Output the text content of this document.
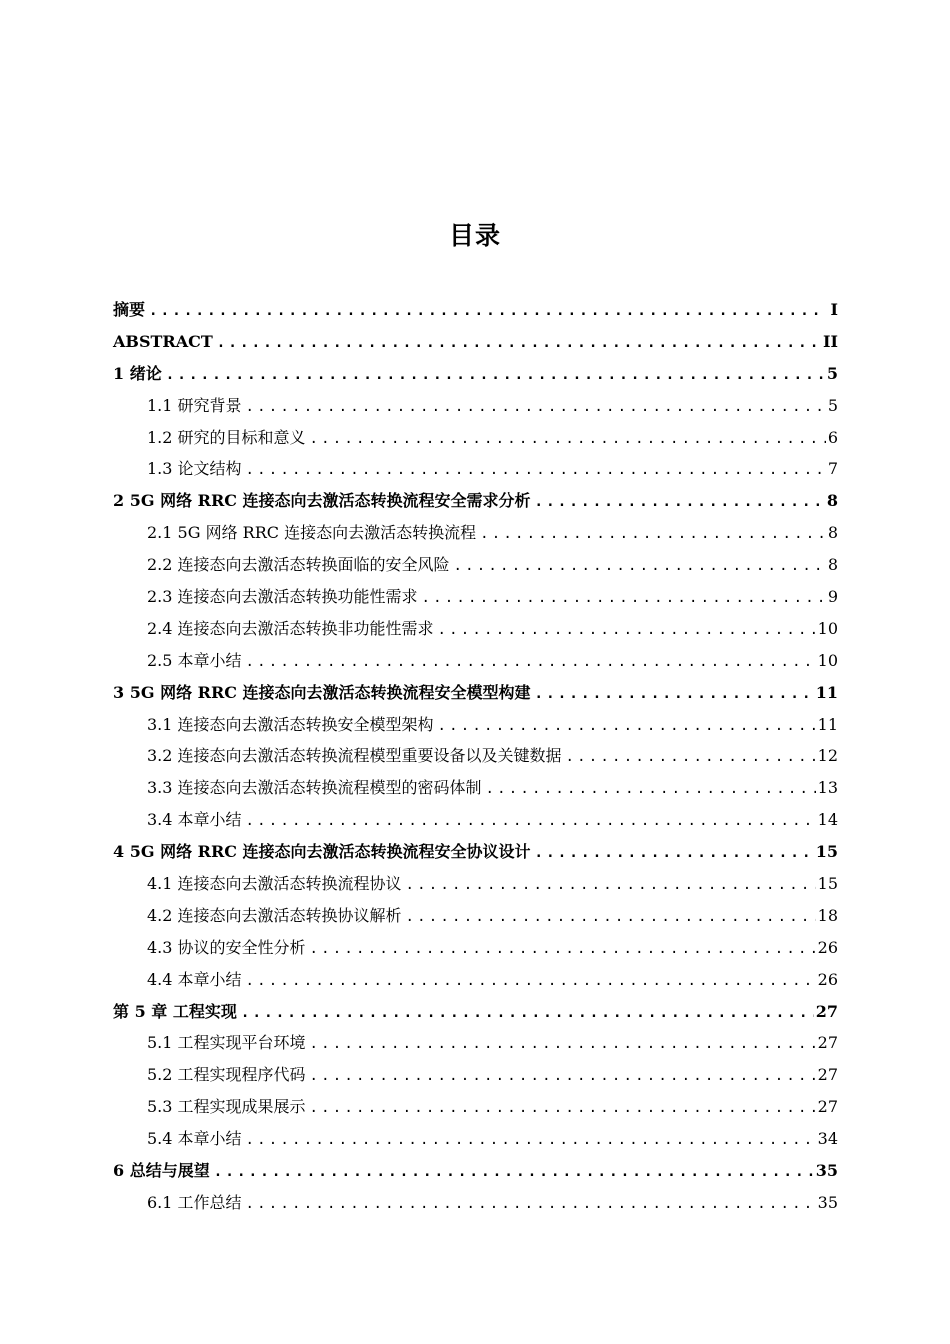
目录
摘要 .....	I
ABSTRACT .....	II
1 绪论 .....	5
1.1 研究背景 .....	5
1.2 研究的目标和意义 .....	6
1.3 论文结构 .....	7
2 5G 网络 RRC 连接态向去激活态转换流程安全需求分析 .....	8
2.1 5G 网络 RRC 连接态向去激活态转换流程 .....	8
2.2 连接态向去激活态转换面临的安全风险 .....	8
2.3 连接态向去激活态转换功能性需求 .....	9
2.4 连接态向去激活态转换非功能性需求 .....	10
2.5 本章小结 .....	10
3 5G 网络 RRC 连接态向去激活态转换流程安全模型构建 .....	11
3.1 连接态向去激活态转换安全模型架构 .....	11
3.2 连接态向去激活态转换流程模型重要设备以及关键数据 .....	12
3.3 连接态向去激活态转换流程模型的密码体制 .....	13
3.4 本章小结 .....	14
4 5G 网络 RRC 连接态向去激活态转换流程安全协议设计 .....	15
4.1 连接态向去激活态转换流程协议 .....	15
4.2 连接态向去激活态转换协议解析 .....	18
4.3 协议的安全性分析 .....	26
4.4 本章小结 .....	26
第 5 章 工程实现 .....	27
5.1 工程实现平台环境 .....	27
5.2 工程实现程序代码 .....	27
5.3 工程实现成果展示 .....	27
5.4 本章小结 .....	34
6 总结与展望 .....	35
6.1 工作总结 .....	35
